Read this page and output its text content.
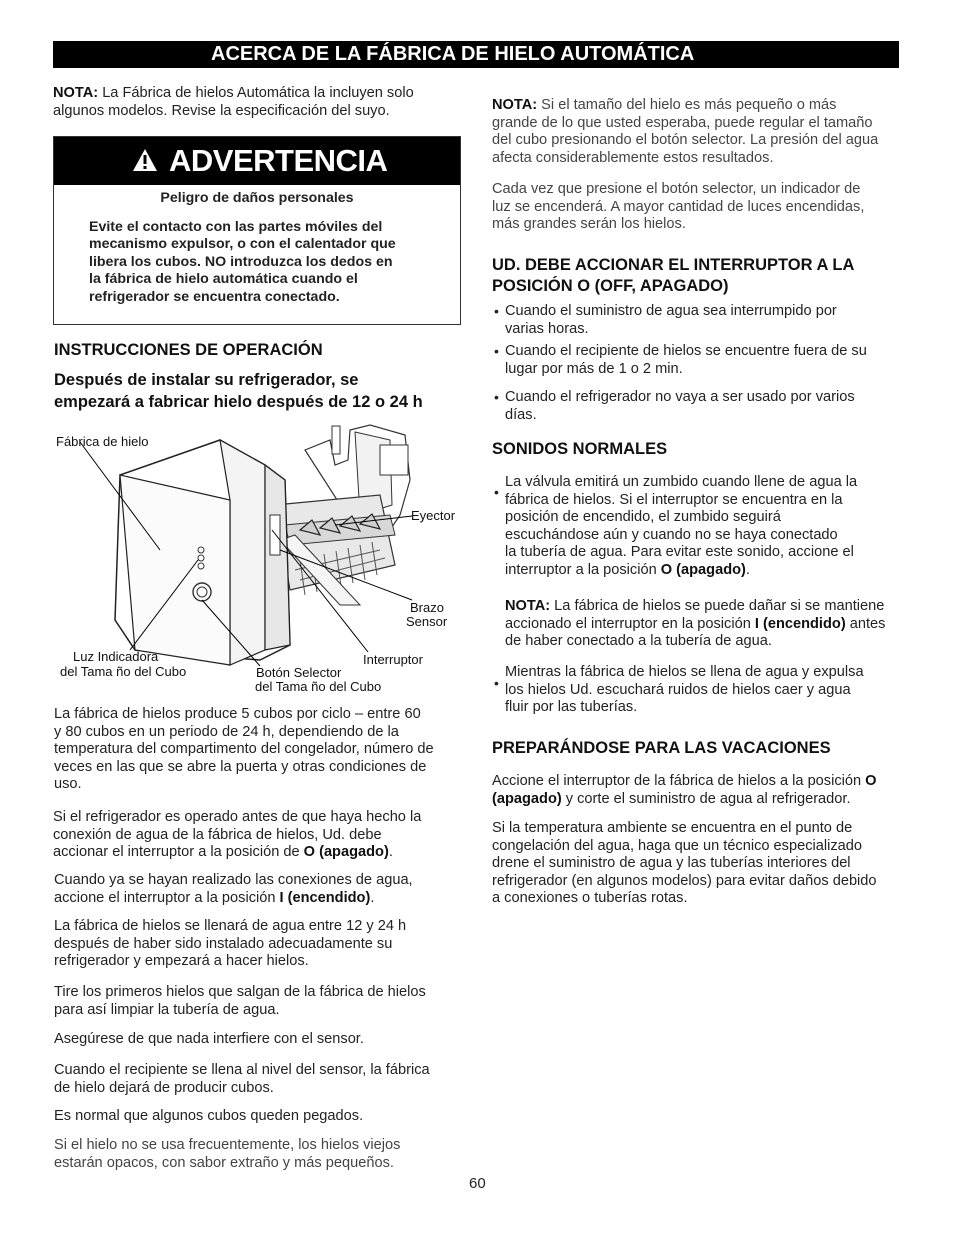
ACERCA DE LA FÁBRICA DE HIELO AUTOMÁTICA

NOTA: La Fábrica de hielos Automática la incluyen solo
algunos modelos. Revise la especificación del suyo.

ADVERTENCIA
Peligro de daños personales
Evite el contacto con las partes móviles del
mecanismo expulsor, o con el calentador que
libera los cubos. NO introduzca los dedos en
la fábrica de hielo automática cuando el
refrigerador se encuentra conectado.
INSTRUCCIONES DE OPERACIÓN
Después de instalar su refrigerador, se
empezará a fabricar hielo después de 12 o 24 h
Fábrica de hielo
Eyector
Brazo
Sensor
Interruptor
Luz Indicadora
del Tama ño del Cubo	Botón Selector
del Tama ño del Cubo

La fábrica de hielos produce 5 cubos por ciclo – entre 60
y 80 cubos en un periodo de 24 h, dependiendo de la
temperatura del compartimento del congelador, número de
veces en las que se abre la puerta y otras condiciones de
uso.

Si el refrigerador es operado antes de que haya hecho la
conexión de agua de la fábrica de hielos, Ud. debe
accionar el interruptor a la posición de O (apagado).

Cuando ya se hayan realizado las conexiones de agua,
accione el interruptor a la posición I (encendido).

La fábrica de hielos se llenará de agua entre 12 y 24 h
después de haber sido instalado adecuadamente su
refrigerador y empezará a hacer hielos.

Tire los primeros hielos que salgan de la fábrica de hielos
para así limpiar la tubería de agua.

Asegúrese de que nada interfiere con el sensor.

Cuando el recipiente se llena al nivel del sensor, la fábrica
de hielo dejará de producir cubos.

Es normal que algunos cubos queden pegados.

Si el hielo no se usa frecuentemente, los hielos viejos
estarán opacos, con sabor extraño y más pequeños.

NOTA: Si el tamaño del hielo es más pequeño o más
grande de lo que usted esperaba, puede regular el tamaño
del cubo presionando el botón selector. La presión del agua
afecta considerablemente estos resultados.

Cada vez que presione el botón selector, un indicador de
luz se encenderá. A mayor cantidad de luces encendidas,
más grandes serán los hielos.

UD. DEBE ACCIONAR EL INTERRUPTOR A LA
POSICIÓN O (OFF, APAGADO)
• Cuando el suministro de agua sea interrumpido por
varias horas.

• Cuando el recipiente de hielos se encuentre fuera de su
lugar por más de 1 o 2 min.

• Cuando el refrigerador no vaya a ser usado por varios
días.

SONIDOS NORMALES
•

La válvula emitirá un zumbido cuando llene de agua la
fábrica de hielos. Si el interruptor se encuentra en la
posición de encendido, el zumbido seguirá
escuchándose aún y cuando no se haya conectado
la tubería de agua. Para evitar este sonido, accione el
interruptor a la posición O (apagado).

NOTA: La fábrica de hielos se puede dañar si se mantiene
accionado el interruptor en la posición I (encendido) antes
de haber conectado a la tubería de agua.

•

Mientras la fábrica de hielos se llena de agua y expulsa
los hielos Ud. escuchará ruidos de hielos caer y agua
fluir por las tuberías.

PREPARÁNDOSE PARA LAS VACACIONES

Accione el interruptor de la fábrica de hielos a la posición O
(apagado) y corte el suministro de agua al refrigerador.

Si la temperatura ambiente se encuentra en el punto de
congelación del agua, haga que un técnico especializado
drene el suministro de agua y las tuberías interiores del
refrigerador (en algunos modelos) para evitar daños debido
a conexiones o tuberías rotas.

60
